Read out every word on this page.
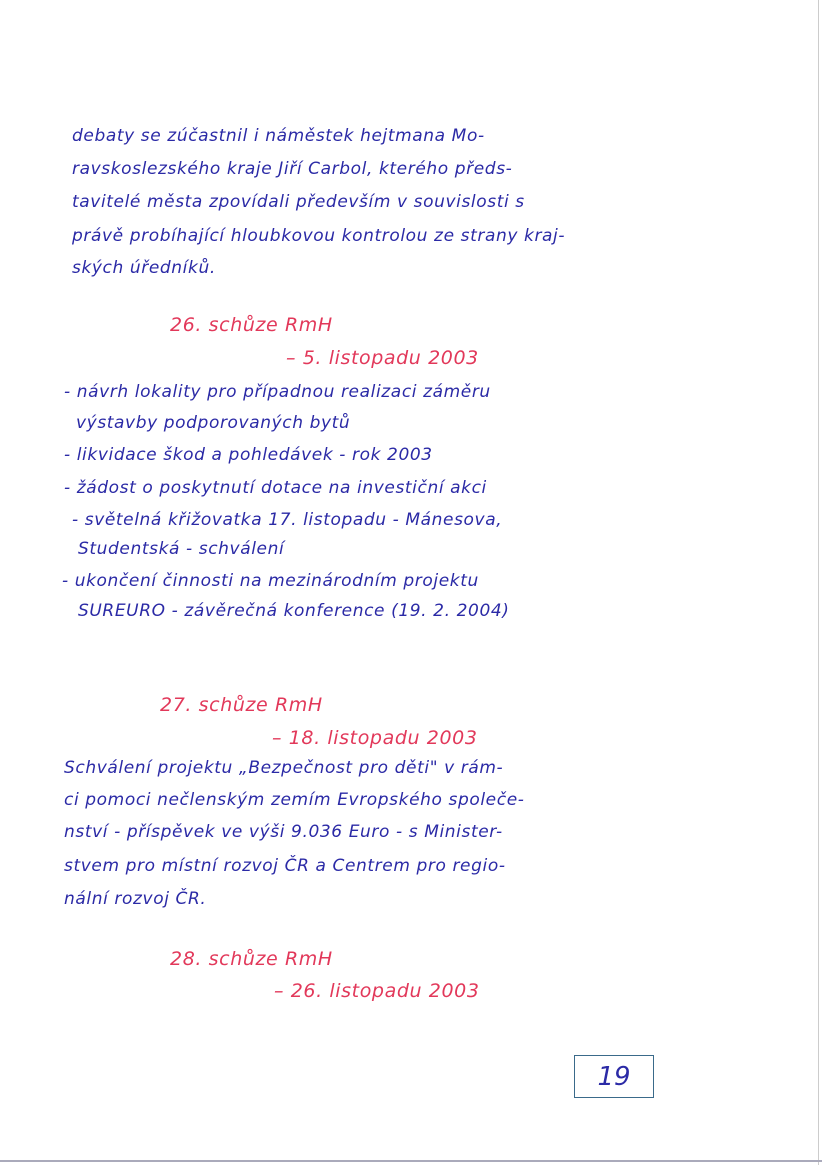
debaty se zúčastnil i náměstek hejtmana Mo-
ravskoslezského kraje Jiří Carbol, kterého předs-
tavitelé města zpovídali především v souvislosti s
právě probíhající hloubkovou kontrolou ze strany kraj-
ských úředníků.
26. schůze RmH
– 5. listopadu 2003
- návrh lokality pro případnou realizaci záměru
výstavby podporovaných bytů
- likvidace škod a pohledávek - rok 2003
- žádost o poskytnutí dotace na investiční akci
- světelná křižovatka 17. listopadu - Mánesova,
Studentská - schválení
- ukončení činnosti na mezinárodním projektu
SUREURO - závěrečná konference (19. 2. 2004)
27. schůze RmH
– 18. listopadu 2003
Schválení projektu „Bezpečnost pro děti" v rám-
ci pomoci nečlenským zemím Evropského společe-
nství - příspěvek ve výši 9.036 Euro - s Minister-
stvem pro místní rozvoj ČR a Centrem pro regio-
nální rozvoj ČR.
28. schůze RmH
– 26. listopadu 2003
19
